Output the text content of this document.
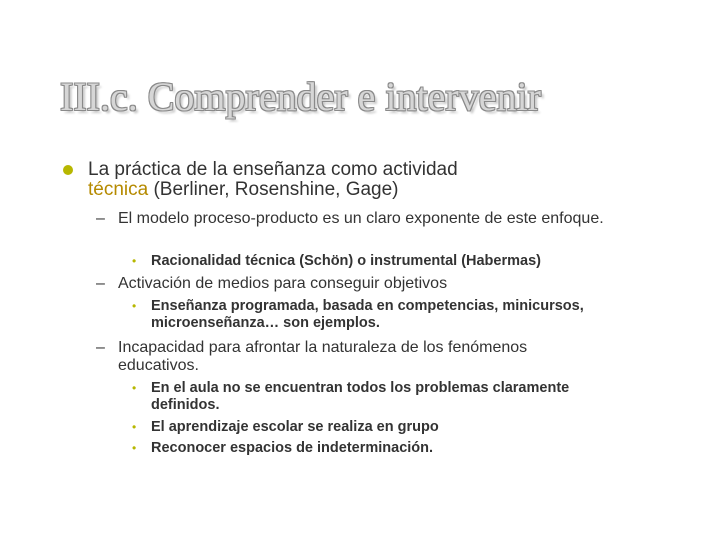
III.c. Comprender e intervenir

La práctica de la enseñanza como actividad
técnica (Berliner, Rosenshine, Gage)

– El modelo proceso-producto es un claro exponente de este enfoque.

• Racionalidad técnica (Schön) o instrumental (Habermas)

– Activación de medios para conseguir objetivos

• Enseñanza programada, basada en competencias, minicursos, microenseñanza… son ejemplos.

– Incapacidad para afrontar la naturaleza de los fenómenos educativos.

• En el aula no se encuentran todos los problemas claramente definidos.

• El aprendizaje escolar se realiza en grupo

• Reconocer espacios de indeterminación.
